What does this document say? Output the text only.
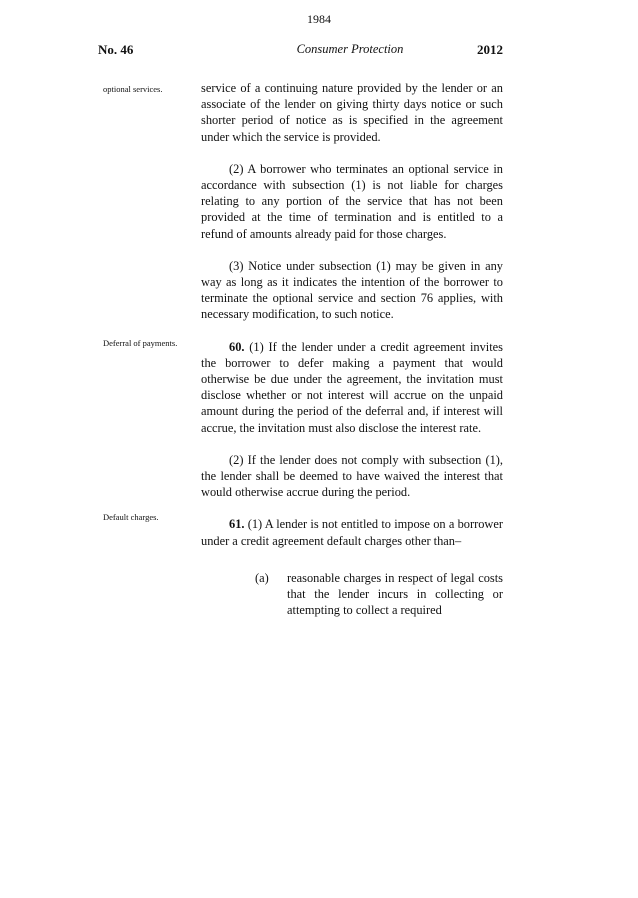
1984
No. 46	Consumer Protection	2012
optional services.
Deferral of payments.
Default charges.

service of a continuing nature provided by the lender or an associate of the lender on giving thirty days notice or such shorter period of notice as is specified in the agreement under which the service is provided.

(2) A borrower who terminates an optional service in accordance with subsection (1) is not liable for charges relating to any portion of the service that has not been provided at the time of termination and is entitled to a refund of amounts already paid for those charges.

(3) Notice under subsection (1) may be given in any way as long as it indicates the intention of the borrower to terminate the optional service and section 76 applies, with necessary modification, to such notice.

60. (1) If the lender under a credit agreement invites the borrower to defer making a payment that would otherwise be due under the agreement, the invitation must disclose whether or not interest will accrue on the unpaid amount during the period of the deferral and, if interest will accrue, the invitation must also disclose the interest rate.

(2) If the lender does not comply with subsection (1), the lender shall be deemed to have waived the interest that would otherwise accrue during the period.

61. (1) A lender is not entitled to impose on a borrower under a credit agreement default charges other than–

(a) reasonable charges in respect of legal costs that the lender incurs in collecting or attempting to collect a required
